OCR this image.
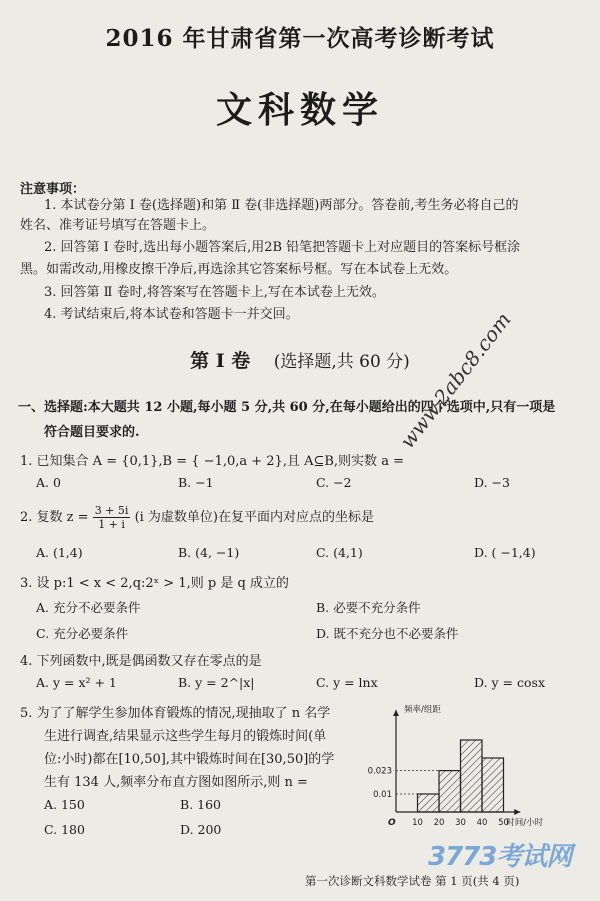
2016 年甘肃省第一次高考诊断考试
文科数学
注意事项：
1. 本试卷分第 Ⅰ 卷(选择题)和第 Ⅱ 卷(非选择题)两部分。答卷前,考生务必将自己的
姓名、准考证号填写在答题卡上。
2. 回答第 Ⅰ 卷时,选出每小题答案后,用2B 铅笔把答题卡上对应题目的答案标号框涂
黑。如需改动,用橡皮擦干净后,再选涂其它答案标号框。写在本试卷上无效。
3. 回答第 Ⅱ 卷时,将答案写在答题卡上,写在本试卷上无效。
4. 考试结束后,将本试卷和答题卡一并交回。
第 Ⅰ 卷 (选择题,共 60 分)
一、选择题:本大题共 12 小题,每小题 5 分,共 60 分,在每小题给出的四个选项中,只有一项是
符合题目要求的.	www.2abc8.com
1. 已知集合 A = {0,1},B = { −1,0,a + 2},且 A⊆B,则实数 a =
A. 0	B. −1	C. −2	D. −3
2. 复数 $z = \frac{3 + 5i}{1 + i} (i$ 为虚数单位)在复平面内对应点的坐标是
A. (1,4)	B. (4, −1)	C. (4,1)	D. ( −1,4)
3. 设 p:1 < x < 2,q:2ˣ > 1,则 p 是 q 成立的
A. 充分不必要条件	B. 必要不充分条件
C. 充分必要条件	D. 既不充分也不必要条件
4. 下列函数中,既是偶函数又存在零点的是
A. y = x² + 1	B. y = 2^|x|	C. y = lnx	D. y = cosx
5. 为了了解学生参加体育锻炼的情况,现抽取了 n 名学
生进行调查,结果显示这些学生每月的锻炼时间(单
位:小时)都在[10,50],其中锻炼时间在[30,50]的学
生有 134 人,频率分布直方图如图所示,则 n =
A. 150	B. 160
C. 180	D. 200
0.01
0.023
10 20 30 40 50
O
频率/组距
时间/小时
3773考试网
第一次诊断文科数学试卷 第 1 页(共 4 页)
